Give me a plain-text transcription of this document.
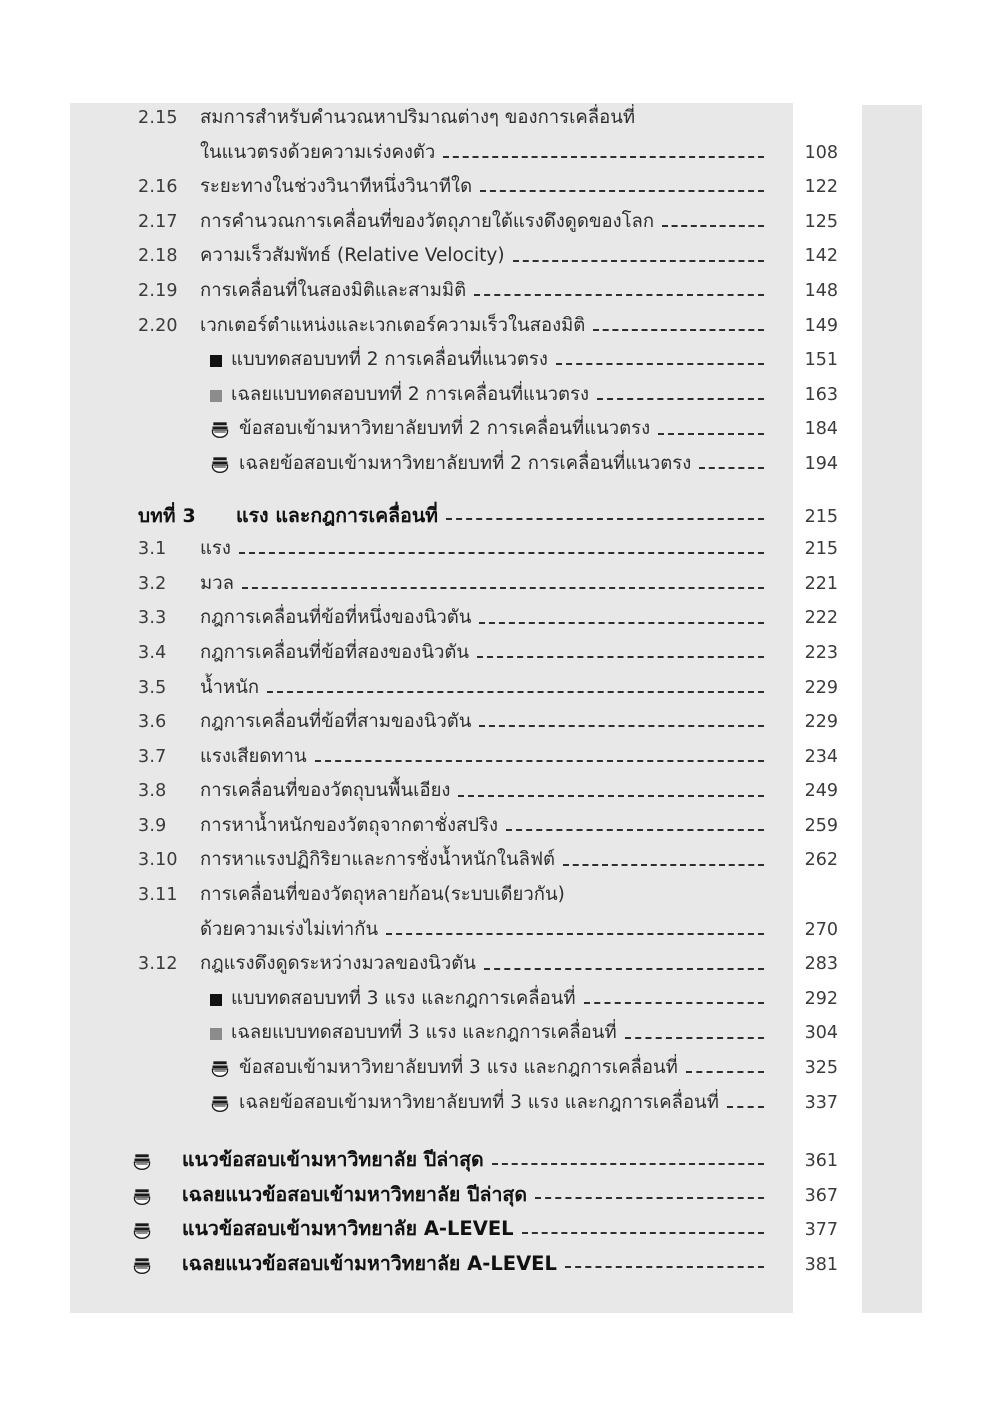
2.15	สมการสำหรับคำนวณหาปริมาณต่างๆ ของการเคลื่อนที่
ในแนวตรงด้วยความเร่งคงตัว	108
2.16	ระยะทางในช่วงวินาทีหนึ่งวินาทีใด	122
2.17	การคำนวณการเคลื่อนที่ของวัตถุภายใต้แรงดึงดูดของโลก	125
2.18	ความเร็วสัมพัทธ์ (Relative Velocity)	142
2.19	การเคลื่อนที่ในสองมิติและสามมิติ	148
2.20	เวกเตอร์ตำแหน่งและเวกเตอร์ความเร็วในสองมิติ	149
แบบทดสอบบทที่ 2 การเคลื่อนที่แนวตรง	151
เฉลยแบบทดสอบบทที่ 2 การเคลื่อนที่แนวตรง	163
ข้อสอบเข้ามหาวิทยาลัยบทที่ 2 การเคลื่อนที่แนวตรง	184
เฉลยข้อสอบเข้ามหาวิทยาลัยบทที่ 2 การเคลื่อนที่แนวตรง	194
บทที่ 3	แรง และกฎการเคลื่อนที่	215
3.1	แรง	215
3.2	มวล	221
3.3	กฎการเคลื่อนที่ข้อที่หนึ่งของนิวตัน	222
3.4	กฎการเคลื่อนที่ข้อที่สองของนิวตัน	223
3.5	น้ำหนัก	229
3.6	กฎการเคลื่อนที่ข้อที่สามของนิวตัน	229
3.7	แรงเสียดทาน	234
3.8	การเคลื่อนที่ของวัตถุบนพื้นเอียง	249
3.9	การหาน้ำหนักของวัตถุจากตาชั่งสปริง	259
3.10	การหาแรงปฏิกิริยาและการชั่งน้ำหนักในลิฟต์	262
3.11	การเคลื่อนที่ของวัตถุหลายก้อน(ระบบเดียวกัน)
ด้วยความเร่งไม่เท่ากัน	270
3.12	กฎแรงดึงดูดระหว่างมวลของนิวตัน	283
แบบทดสอบบทที่ 3 แรง และกฎการเคลื่อนที่	292
เฉลยแบบทดสอบบทที่ 3 แรง และกฎการเคลื่อนที่	304
ข้อสอบเข้ามหาวิทยาลัยบทที่ 3 แรง และกฎการเคลื่อนที่	325
เฉลยข้อสอบเข้ามหาวิทยาลัยบทที่ 3 แรง และกฎการเคลื่อนที่	337
แนวข้อสอบเข้ามหาวิทยาลัย ปีล่าสุด	361
เฉลยแนวข้อสอบเข้ามหาวิทยาลัย ปีล่าสุด	367
แนวข้อสอบเข้ามหาวิทยาลัย A-LEVEL	377
เฉลยแนวข้อสอบเข้ามหาวิทยาลัย A-LEVEL	381
